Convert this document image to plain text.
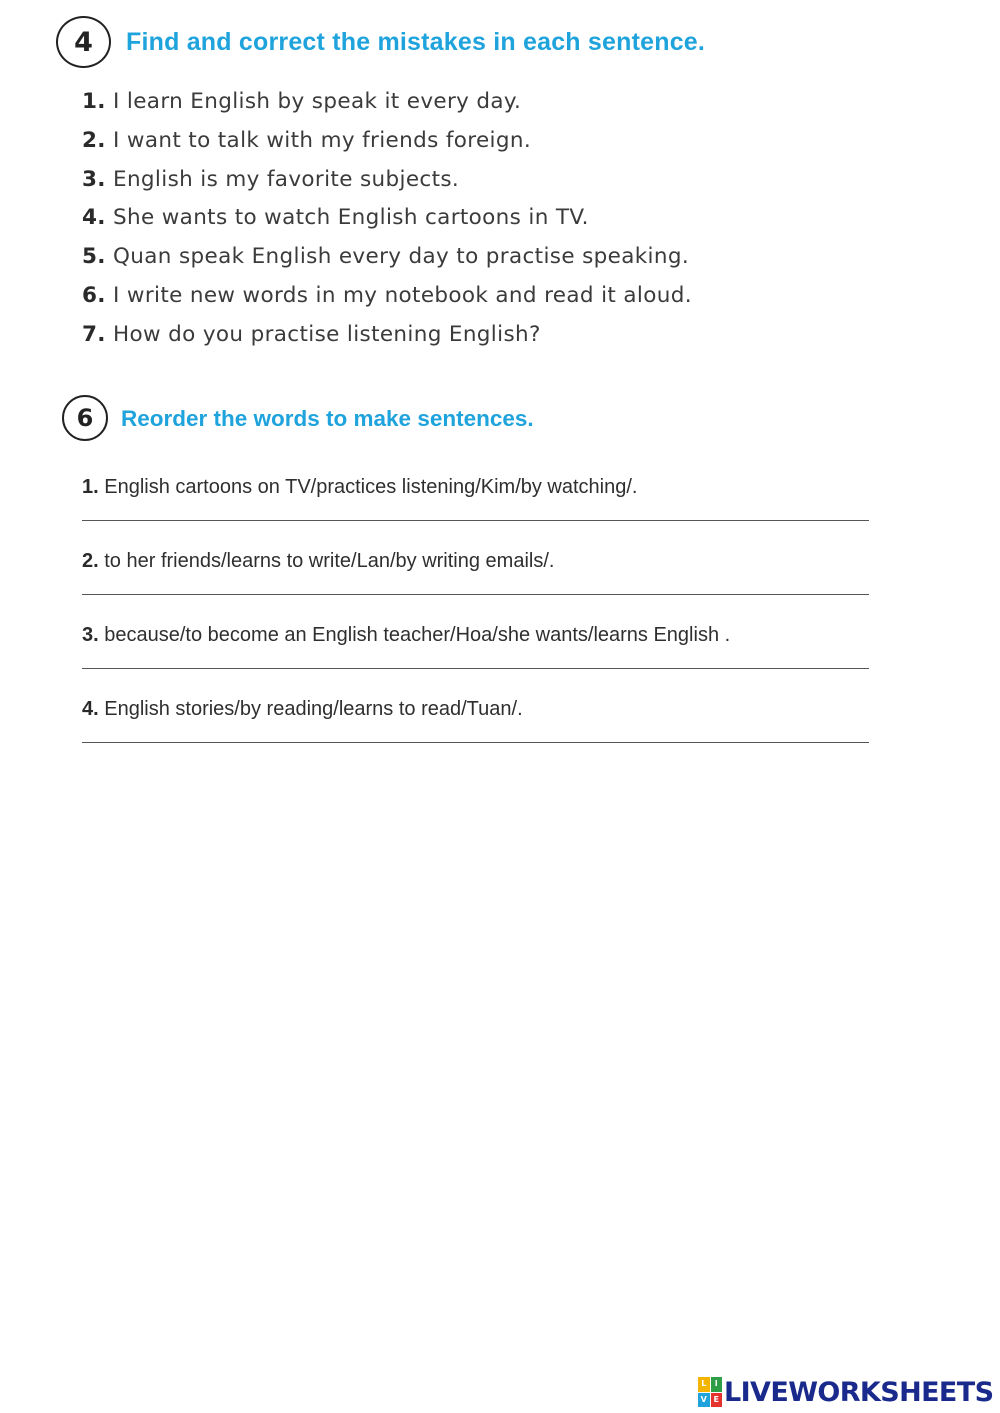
4	Find and correct the mistakes in each sentence.
1. I learn English by speak it every day.
2. I want to talk with my friends foreign.
3. English is my favorite subjects.
4. She wants to watch English cartoons in TV.
5. Quan speak English every day to practise speaking.
6. I write new words in my notebook and read it aloud.
7. How do you practise listening English?
6	Reorder the words to make sentences.
1. English cartoons on TV/practices listening/Kim/by watching/.
2. to her friends/learns to write/Lan/by writing emails/.
3. because/to become an English teacher/Hoa/she wants/learns English .
4. English stories/by reading/learns to read/Tuan/.
L	I
V E LIVEWORKSHEETS
